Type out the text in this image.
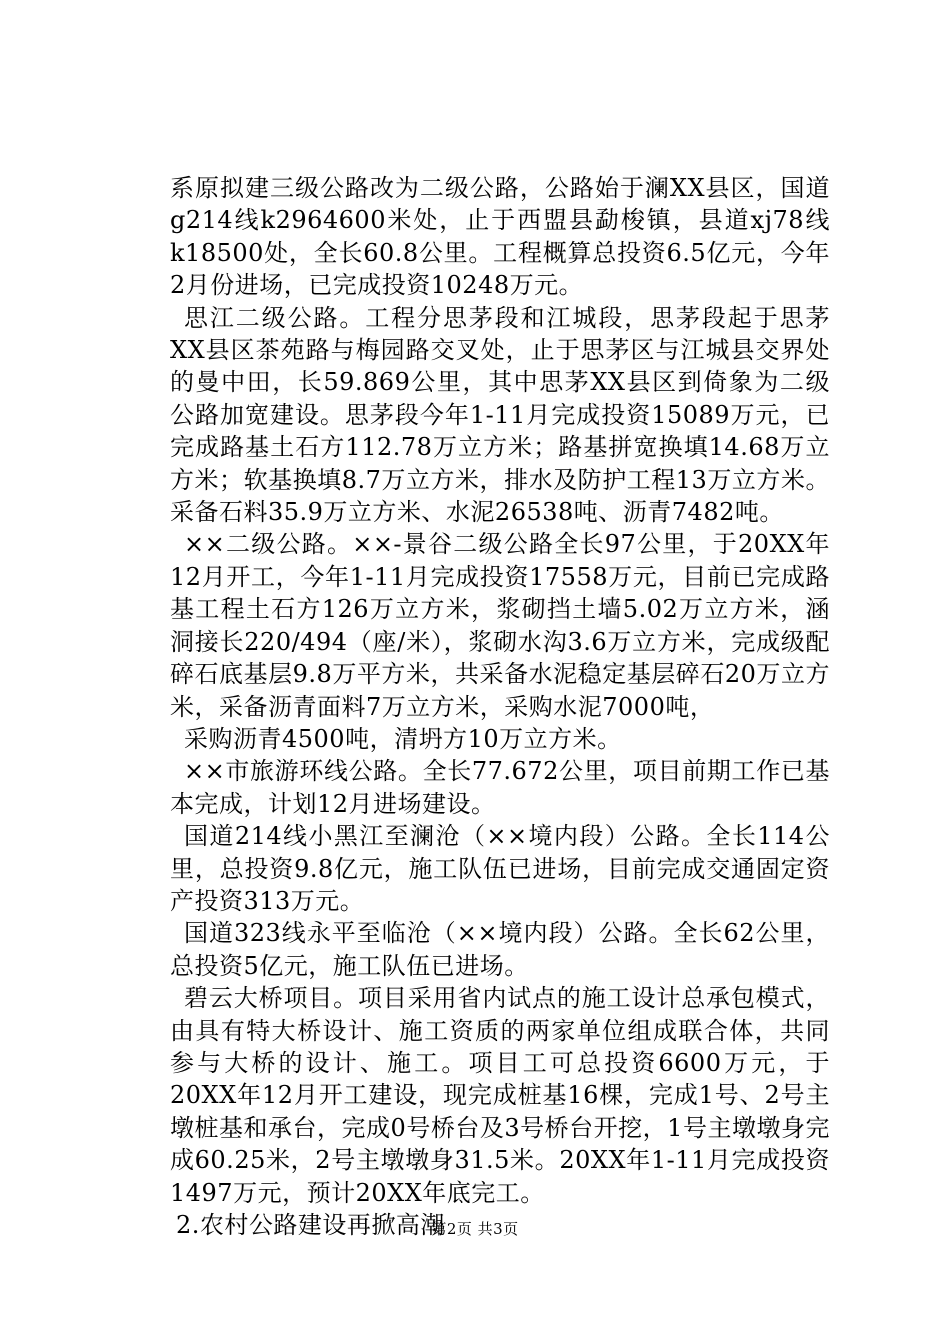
系原拟建三级公路改为二级公路，公路始于澜XX县区，国道g214线k2964600米处，止于西盟县勐梭镇，县道xj78线k18500处，全长60.8公里。工程概算总投资6.5亿元，今年2月份进场，已完成投资10248万元。

思江二级公路。工程分思茅段和江城段，思茅段起于思茅XX县区茶苑路与梅园路交叉处，止于思茅区与江城县交界处的曼中田，长59.869公里，其中思茅XX县区到倚象为二级公路加宽建设。思茅段今年1-11月完成投资15089万元，已完成路基土石方112.78万立方米；路基拼宽换填14.68万立方米；软基换填8.7万立方米，排水及防护工程13万立方米。采备石料35.9万立方米、水泥26538吨、沥青7482吨。

××二级公路。××-景谷二级公路全长97公里，于20XX年12月开工，今年1-11月完成投资17558万元，目前已完成路基工程土石方126万立方米，浆砌挡土墙5.02万立方米，涵洞接长220/494（座/米），浆砌水沟3.6万立方米，完成级配碎石底基层9.8万平方米，共采备水泥稳定基层碎石20万立方米，采备沥青面料7万立方米，采购水泥7000吨，

采购沥青4500吨，清坍方10万立方米。

××市旅游环线公路。全长77.672公里，项目前期工作已基本完成，计划12月进场建设。

国道214线小黑江至澜沧（××境内段）公路。全长114公里，总投资9.8亿元，施工队伍已进场，目前完成交通固定资产投资313万元。

国道323线永平至临沧（××境内段）公路。全长62公里，总投资5亿元，施工队伍已进场。

碧云大桥项目。项目采用省内试点的施工设计总承包模式，由具有特大桥设计、施工资质的两家单位组成联合体，共同参与大桥的设计、施工。项目工可总投资6600万元，于20XX年12月开工建设，现完成桩基16棵，完成1号、2号主墩桩基和承台，完成0号桥台及3号桥台开挖，1号主墩墩身完成60.25米，2号主墩墩身31.5米。20XX年1-11月完成投资1497万元，预计20XX年底完工。

2.农村公路建设再掀高潮

第2页 共3页
